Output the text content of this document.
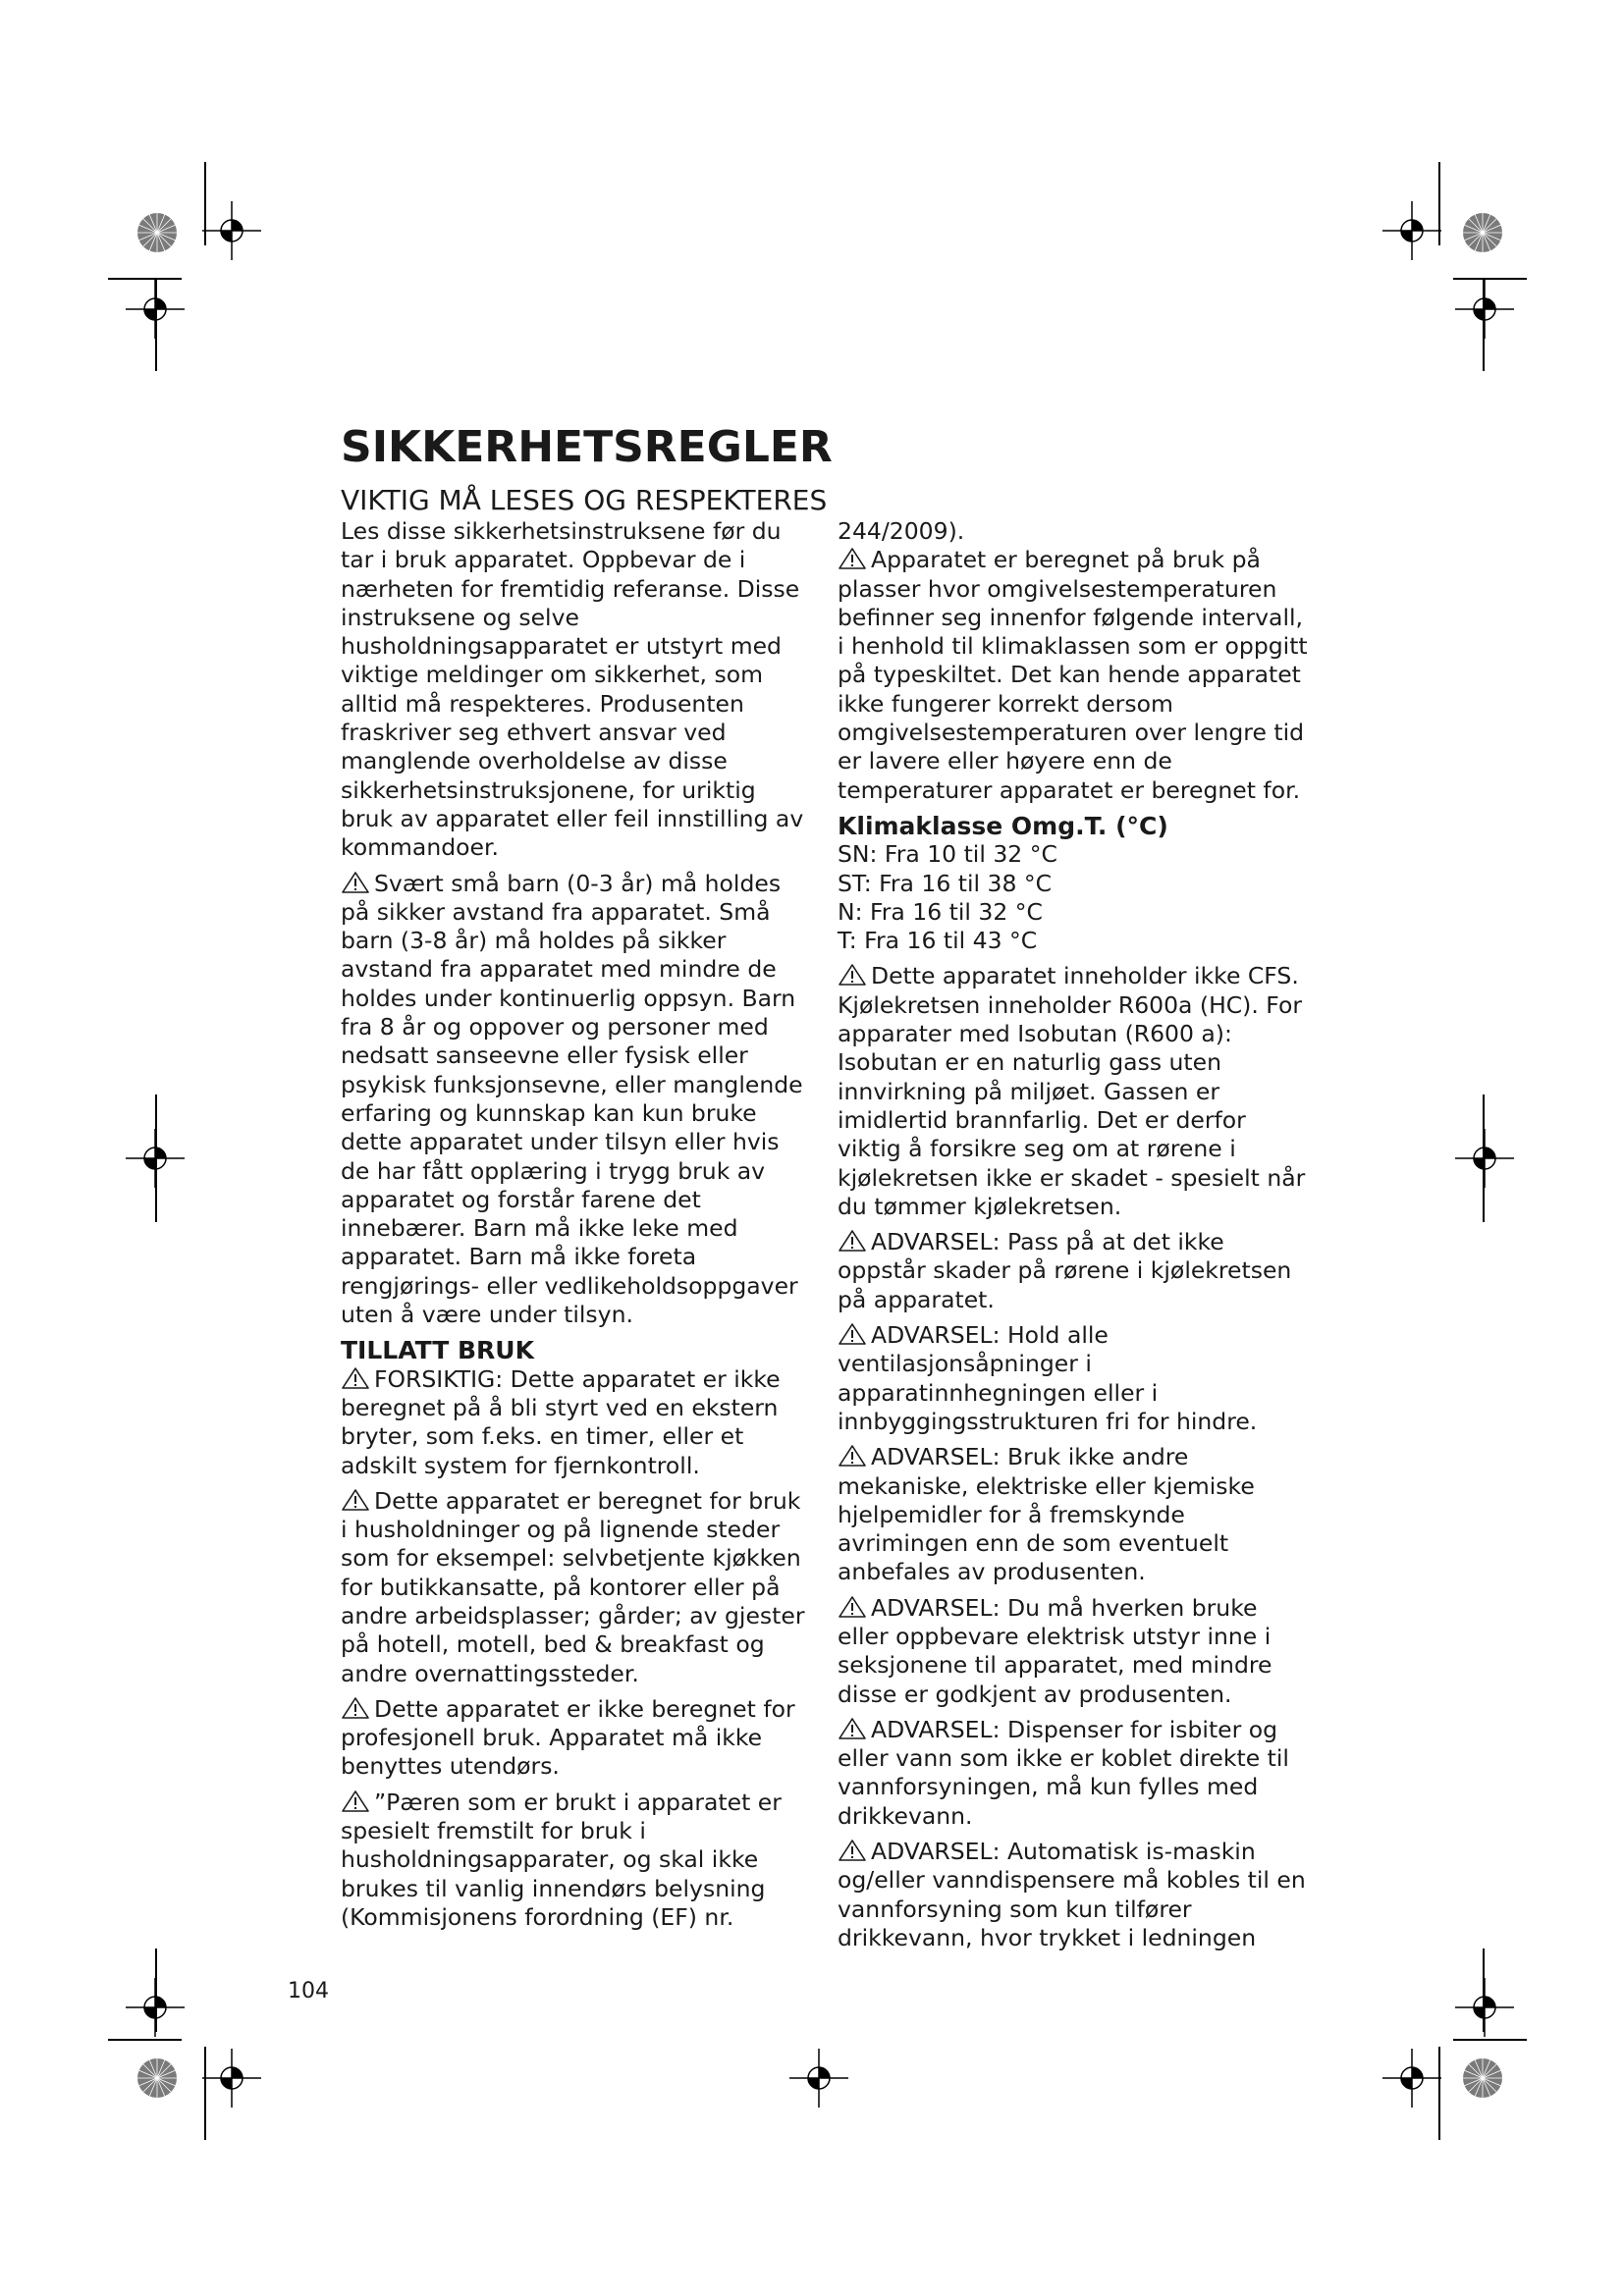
SIKKERHETSREGLER
VIKTIG MÅ LESES OG RESPEKTERES

Les disse sikkerhetsinstruksene før du tar i bruk apparatet. Oppbevar de i nærheten for fremtidig referanse. Disse instruksene og selve husholdningsapparatet er utstyrt med viktige meldinger om sikkerhet, som alltid må respekteres. Produsenten fraskriver seg ethvert ansvar ved manglende overholdelse av disse sikkerhetsinstruksjonene, for uriktig bruk av apparatet eller feil innstilling av kommandoer.

Svært små barn (0-3 år) må holdes på sikker avstand fra apparatet. Små barn (3-8 år) må holdes på sikker avstand fra apparatet med mindre de holdes under kontinuerlig oppsyn. Barn fra 8 år og oppover og personer med nedsatt sanseevne eller fysisk eller psykisk funksjonsevne, eller manglende erfaring og kunnskap kan kun bruke dette apparatet under tilsyn eller hvis de har fått opplæring i trygg bruk av apparatet og forstår farene det innebærer. Barn må ikke leke med apparatet. Barn må ikke foreta rengjørings- eller vedlikeholdsoppgaver uten å være under tilsyn.

TILLATT BRUK

FORSIKTIG: Dette apparatet er ikke beregnet på å bli styrt ved en ekstern bryter, som f.eks. en timer, eller et adskilt system for fjernkontroll.

Dette apparatet er beregnet for bruk i husholdninger og på lignende steder som for eksempel: selvbetjente kjøkken for butikkansatte, på kontorer eller på andre arbeidsplasser; gårder; av gjester på hotell, motell, bed & breakfast og andre overnattingssteder.

Dette apparatet er ikke beregnet for profesjonell bruk. Apparatet må ikke benyttes utendørs.

”Pæren som er brukt i apparatet er spesielt fremstilt for bruk i husholdningsapparater, og skal ikke brukes til vanlig innendørs belysning (Kommisjonens forordning (EF) nr.

244/2009).

Apparatet er beregnet på bruk på plasser hvor omgivelsestemperaturen befinner seg innenfor følgende intervall, i henhold til klimaklassen som er oppgitt på typeskiltet. Det kan hende apparatet ikke fungerer korrekt dersom omgivelsestemperaturen over lengre tid er lavere eller høyere enn de temperaturer apparatet er beregnet for.

Klimaklasse Omg.T. (°C)

SN: Fra 10 til 32 °C

ST: Fra 16 til 38 °C

N: Fra 16 til 32 °C

T: Fra 16 til 43 °C

Dette apparatet inneholder ikke CFS. Kjølekretsen inneholder R600a (HC). For apparater med Isobutan (R600 a): Isobutan er en naturlig gass uten innvirkning på miljøet. Gassen er imidlertid brannfarlig. Det er derfor viktig å forsikre seg om at rørene i kjølekretsen ikke er skadet - spesielt når du tømmer kjølekretsen.

ADVARSEL: Pass på at det ikke oppstår skader på rørene i kjølekretsen på apparatet.

ADVARSEL: Hold alle ventilasjonsåpninger i apparatinnhegningen eller i innbyggingsstrukturen fri for hindre.

ADVARSEL: Bruk ikke andre mekaniske, elektriske eller kjemiske hjelpemidler for å fremskynde avrimingen enn de som eventuelt anbefales av produsenten.

ADVARSEL: Du må hverken bruke eller oppbevare elektrisk utstyr inne i seksjonene til apparatet, med mindre disse er godkjent av produsenten.

ADVARSEL: Dispenser for isbiter og eller vann som ikke er koblet direkte til vannforsyningen, må kun fylles med drikkevann.

ADVARSEL: Automatisk is-maskin og/eller vanndispensere må kobles til en vannforsyning som kun tilfører drikkevann, hvor trykket i ledningen

104
